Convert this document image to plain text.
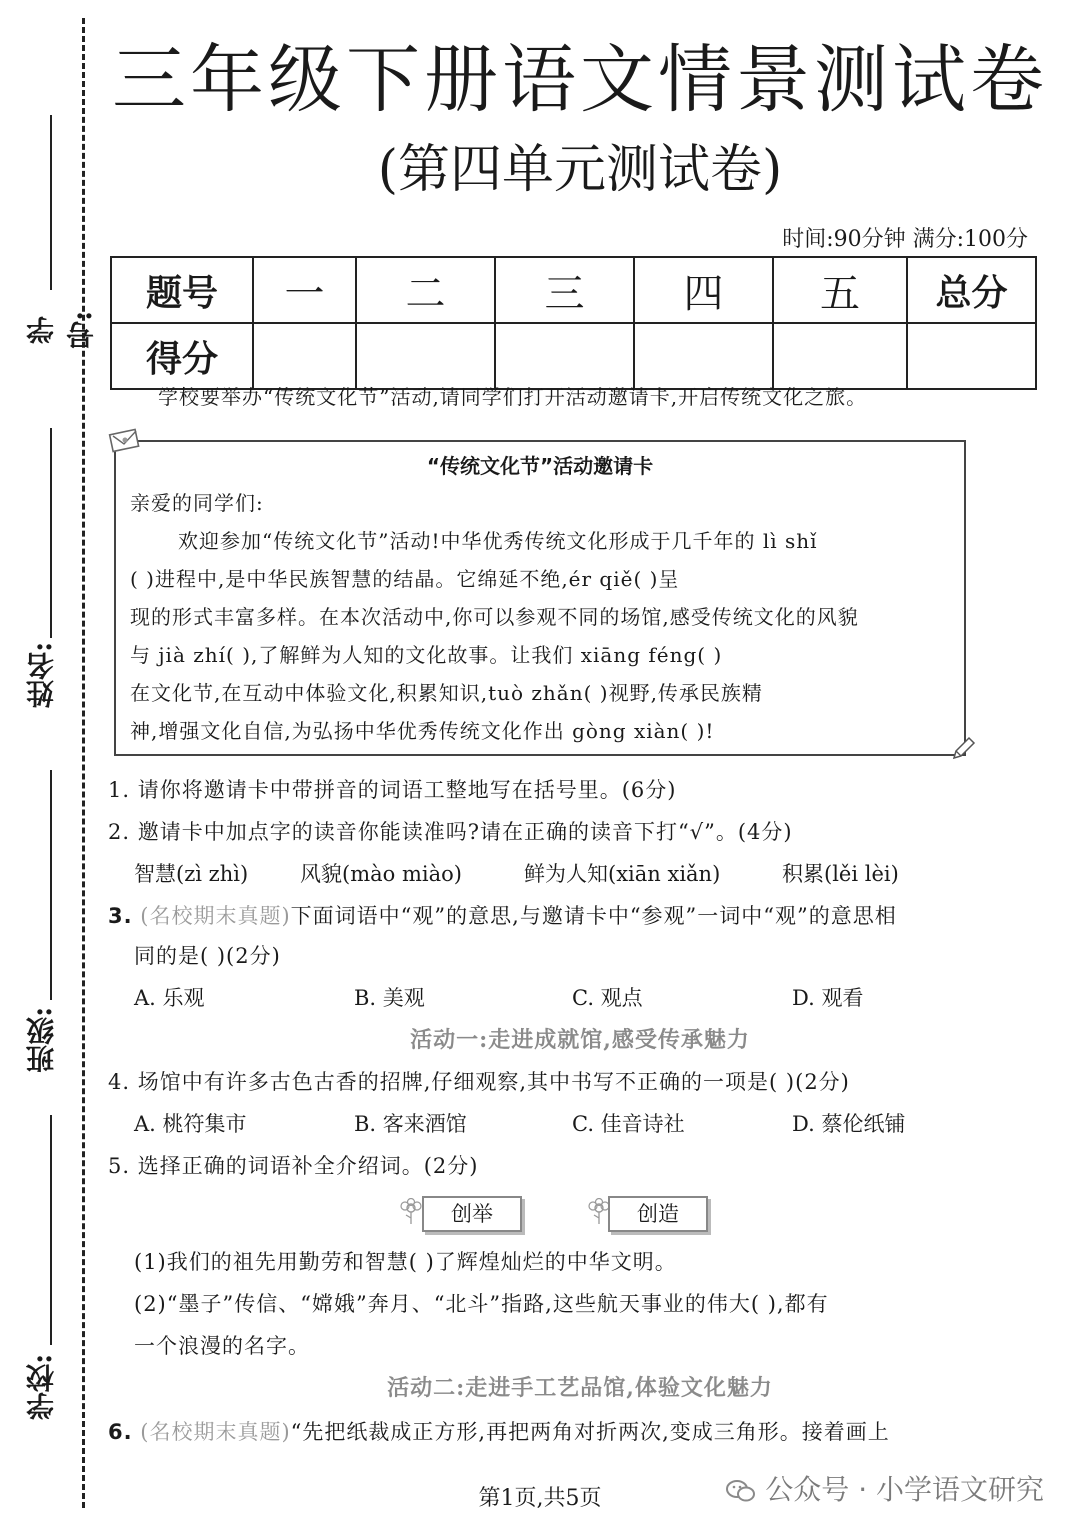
学号:
姓名:
班级:
学校:
三年级下册语文情景测试卷
(第四单元测试卷)
时间:90分钟 满分:100分
题号	一	二	三	四	五	总分
得分						
学校要举办“传统文化节”活动,请同学们打开活动邀请卡,开启传统文化之旅。
“传统文化节”活动邀请卡
亲爱的同学们:
欢迎参加“传统文化节”活动!中华优秀传统文化形成于几千年的 lì shǐ
( )进程中,是中华民族智慧的结晶。它绵延不绝,ér qiě( )呈
现的形式丰富多样。在本次活动中,你可以参观不同的场馆,感受传统文化的风貌
与 jià zhí( ),了解鲜为人知的文化故事。让我们 xiāng féng( )
在文化节,在互动中体验文化,积累知识,tuò zhǎn( )视野,传承民族精
神,增强文化自信,为弘扬中华优秀传统文化作出 gòng xiàn( )!
1. 请你将邀请卡中带拼音的词语工整地写在括号里。(6分)
2. 邀请卡中加点字的读音你能读准吗?请在正确的读音下打“√”。(4分)
智慧(zì zhì) 风貌(mào miào)	鲜为人知(xiān xiǎn)	积累(lěi lèi)
3. (名校期末真题)下面词语中“观”的意思,与邀请卡中“参观”一词中“观”的意思相
同的是( )(2分)
A. 乐观	B. 美观	C. 观点	D. 观看
活动一:走进成就馆,感受传承魅力
4. 场馆中有许多古色古香的招牌,仔细观察,其中书写不正确的一项是( )(2分)
A. 桃符集市	B. 客来酒馆	C. 佳音诗社	D. 蔡伦纸铺
5. 选择正确的词语补全介绍词。(2分)
创举	创造
(1)我们的祖先用勤劳和智慧( )了辉煌灿烂的中华文明。
(2)“墨子”传信、“嫦娥”奔月、“北斗”指路,这些航天事业的伟大( ),都有
一个浪漫的名字。
活动二:走进手工艺品馆,体验文化魅力
6. (名校期末真题)“先把纸裁成正方形,再把两角对折两次,变成三角形。接着画上
第1页,共5页	公众号 · 小学语文研究
